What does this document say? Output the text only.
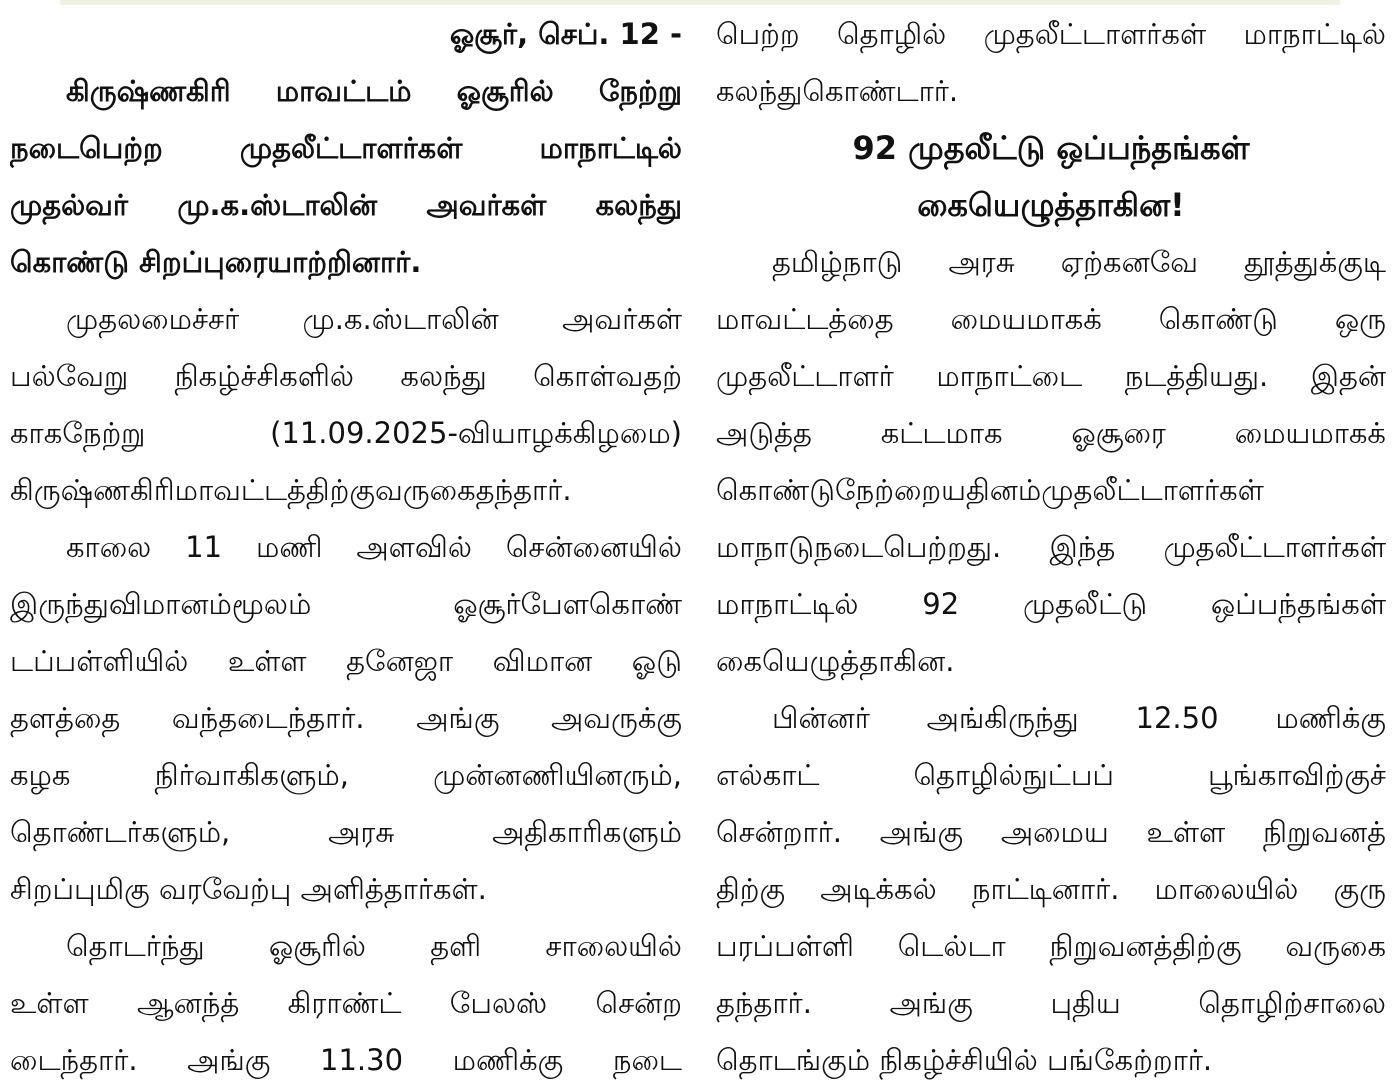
ஓசூர், செப். 12 -
கிருஷ்ணகிரி மாவட்டம் ஓசூரில் நேற்று
நடைபெற்ற முதலீட்டாளர்கள் மாநாட்டில்
முதல்வர் மு.க.ஸ்டாலின் அவர்கள் கலந்து
கொண்டு சிறப்புரையாற்றினார்.
முதலமைச்சர் மு.க.ஸ்டாலின் அவர்கள்
பல்வேறு நிகழ்ச்சிகளில் கலந்து கொள்வதற்
காகநேற்று (11.09.2025-வியாழக்கிழமை)
கிருஷ்ணகிரிமாவட்டத்திற்குவருகைதந்தார்.
காலை 11 மணி அளவில் சென்னையில்
இருந்துவிமானம்மூலம் ஓசூர்பேளகொண்
டப்பள்ளியில் உள்ள தனேஜா விமான ஓடு
தளத்தை வந்தடைந்தார். அங்கு அவருக்கு
கழக நிர்வாகிகளும், முன்னணியினரும்,
தொண்டர்களும், அரசு அதிகாரிகளும்
சிறப்புமிகு வரவேற்பு அளித்தார்கள்.
தொடர்ந்து ஓசூரில் தளி சாலையில்
உள்ள ஆனந்த் கிராண்ட் பேலஸ் சென்ற
டைந்தார். அங்கு 11.30 மணிக்கு நடை
பெற்ற தொழில் முதலீட்டாளர்கள் மாநாட்டில்
கலந்துகொண்டார்.
92 முதலீட்டு ஒப்பந்தங்கள்
கையெழுத்தாகின!
தமிழ்நாடு அரசு ஏற்கனவே தூத்துக்குடி
மாவட்டத்தை மையமாகக் கொண்டு ஒரு
முதலீட்டாளர் மாநாட்டை நடத்தியது. இதன்
அடுத்த கட்டமாக ஓசூரை மையமாகக்
கொண்டுநேற்றையதினம்முதலீட்டாளர்கள்
மாநாடுநடைபெற்றது. இந்த முதலீட்டாளர்கள்
மாநாட்டில் 92 முதலீட்டு ஒப்பந்தங்கள்
கையெழுத்தாகின.
பின்னர் அங்கிருந்து 12.50 மணிக்கு
எல்காட் தொழில்நுட்பப் பூங்காவிற்குச்
சென்றார். அங்கு அமைய உள்ள நிறுவனத்
திற்கு அடிக்கல் நாட்டினார். மாலையில் குரு
பரப்பள்ளி டெல்டா நிறுவனத்திற்கு வருகை
தந்தார். அங்கு புதிய தொழிற்சாலை
தொடங்கும் நிகழ்ச்சியில் பங்கேற்றார்.
